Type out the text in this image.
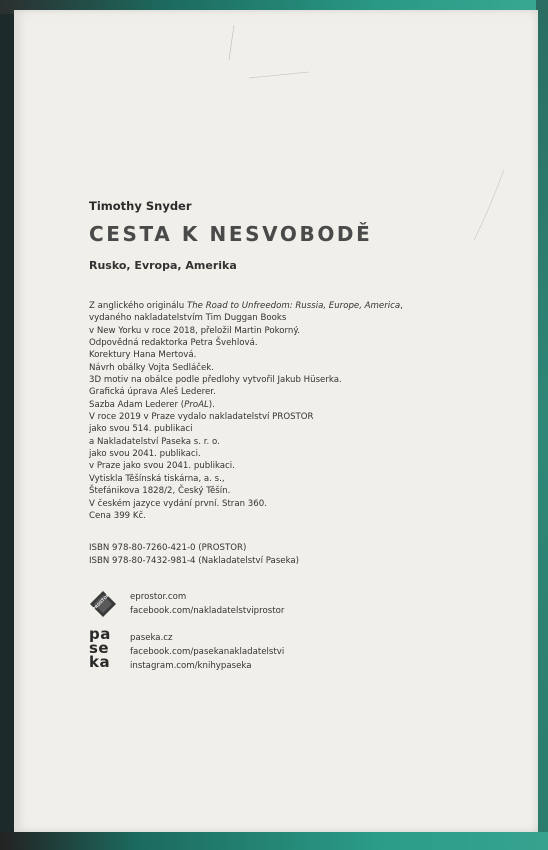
Timothy Snyder
CESTA K NESVOBODĚ
Rusko, Evropa, Amerika
Z anglického originálu The Road to Unfreedom: Russia, Europe, America,
vydaného nakladatelstvím Tim Duggan Books
v New Yorku v roce 2018, přeložil Martin Pokorný.
Odpovědná redaktorka Petra Švehlová.
Korektury Hana Mertová.
Návrh obálky Vojta Sedláček.
3D motiv na obálce podle předlohy vytvořil Jakub Hüserka.
Grafická úprava Aleš Lederer.
Sazba Adam Lederer (ProAL).
V roce 2019 v Praze vydalo nakladatelství PROSTOR
jako svou 514. publikaci
a Nakladatelství Paseka s. r. o.
jako svou 2041. publikaci.
v Praze jako svou 2041. publikaci.
Vytiskla Těšínská tiskárna, a. s.,
Štefánikova 1828/2, Český Těšín.
V českém jazyce vydání první. Stran 360.
Cena 399 Kč.
ISBN 978-80-7260-421-0 (PROSTOR)
ISBN 978-80-7432-981-4 (Nakladatelství Paseka)
PROSTOR eprostor.com
facebook.com/nakladatelstviprostor
pa
se
ka
paseka.cz
facebook.com/pasekanakladatelstvi
instagram.com/knihypaseka
